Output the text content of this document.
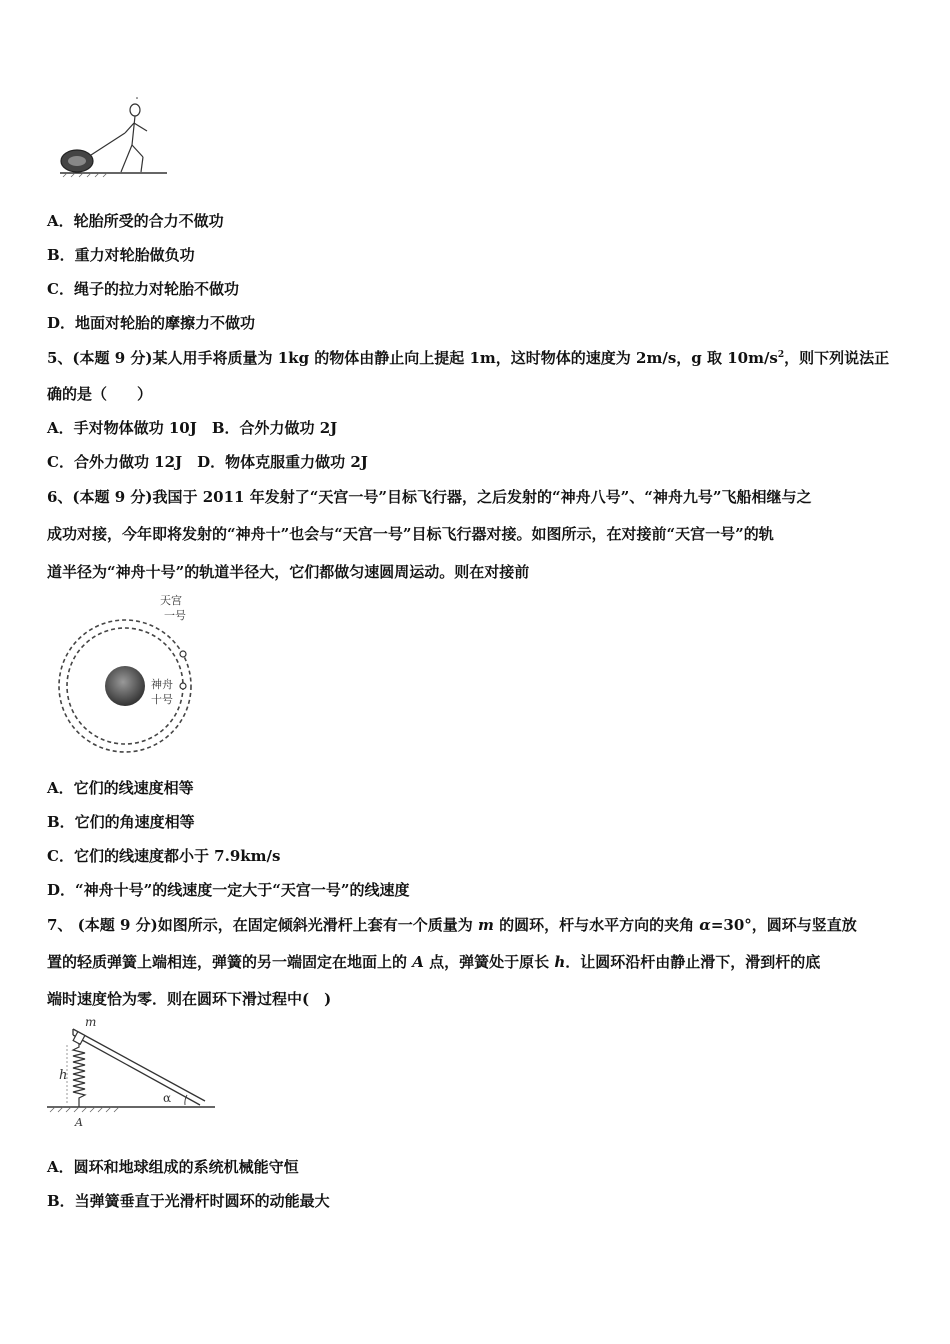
A．轮胎所受的合力不做功
B．重力对轮胎做负功
C．绳子的拉力对轮胎不做功
D．地面对轮胎的摩擦力不做功
5、(本题 9 分)某人用手将质量为 1kg 的物体由静止向上提起 1m，这时物体的速度为 2m/s，g 取 $10m/s^2$，则下列说法正
确的是（　　）
A．手对物体做功 10J　B．合外力做功 2J
C．合外力做功 12J　D．物体克服重力做功 2J
6、(本题 9 分)我国于 2011 年发射了“天宫一号”目标飞行器，之后发射的“神舟八号”、“神舟九号”飞船相继与之
成功对接，今年即将发射的“神舟十”也会与“天宫一号”目标飞行器对接。如图所示，在对接前“天宫一号”的轨
道半径为“神舟十号”的轨道半径大，它们都做匀速圆周运动。则在对接前
天宫
一号
神舟
十号
A．它们的线速度相等
B．它们的角速度相等
C．它们的线速度都小于 7.9km/s
D．“神舟十号”的线速度一定大于“天宫一号”的线速度
7、 (本题 9 分)如图所示，在固定倾斜光滑杆上套有一个质量为 m 的圆环，杆与水平方向的夹角 α=30°，圆环与竖直放
置的轻质弹簧上端相连，弹簧的另一端固定在地面上的 A 点，弹簧处于原长 h．让圆环沿杆由静止滑下，滑到杆的底
端时速度恰为零．则在圆环下滑过程中(　)
m
h
α
A
A．圆环和地球组成的系统机械能守恒
B．当弹簧垂直于光滑杆时圆环的动能最大
